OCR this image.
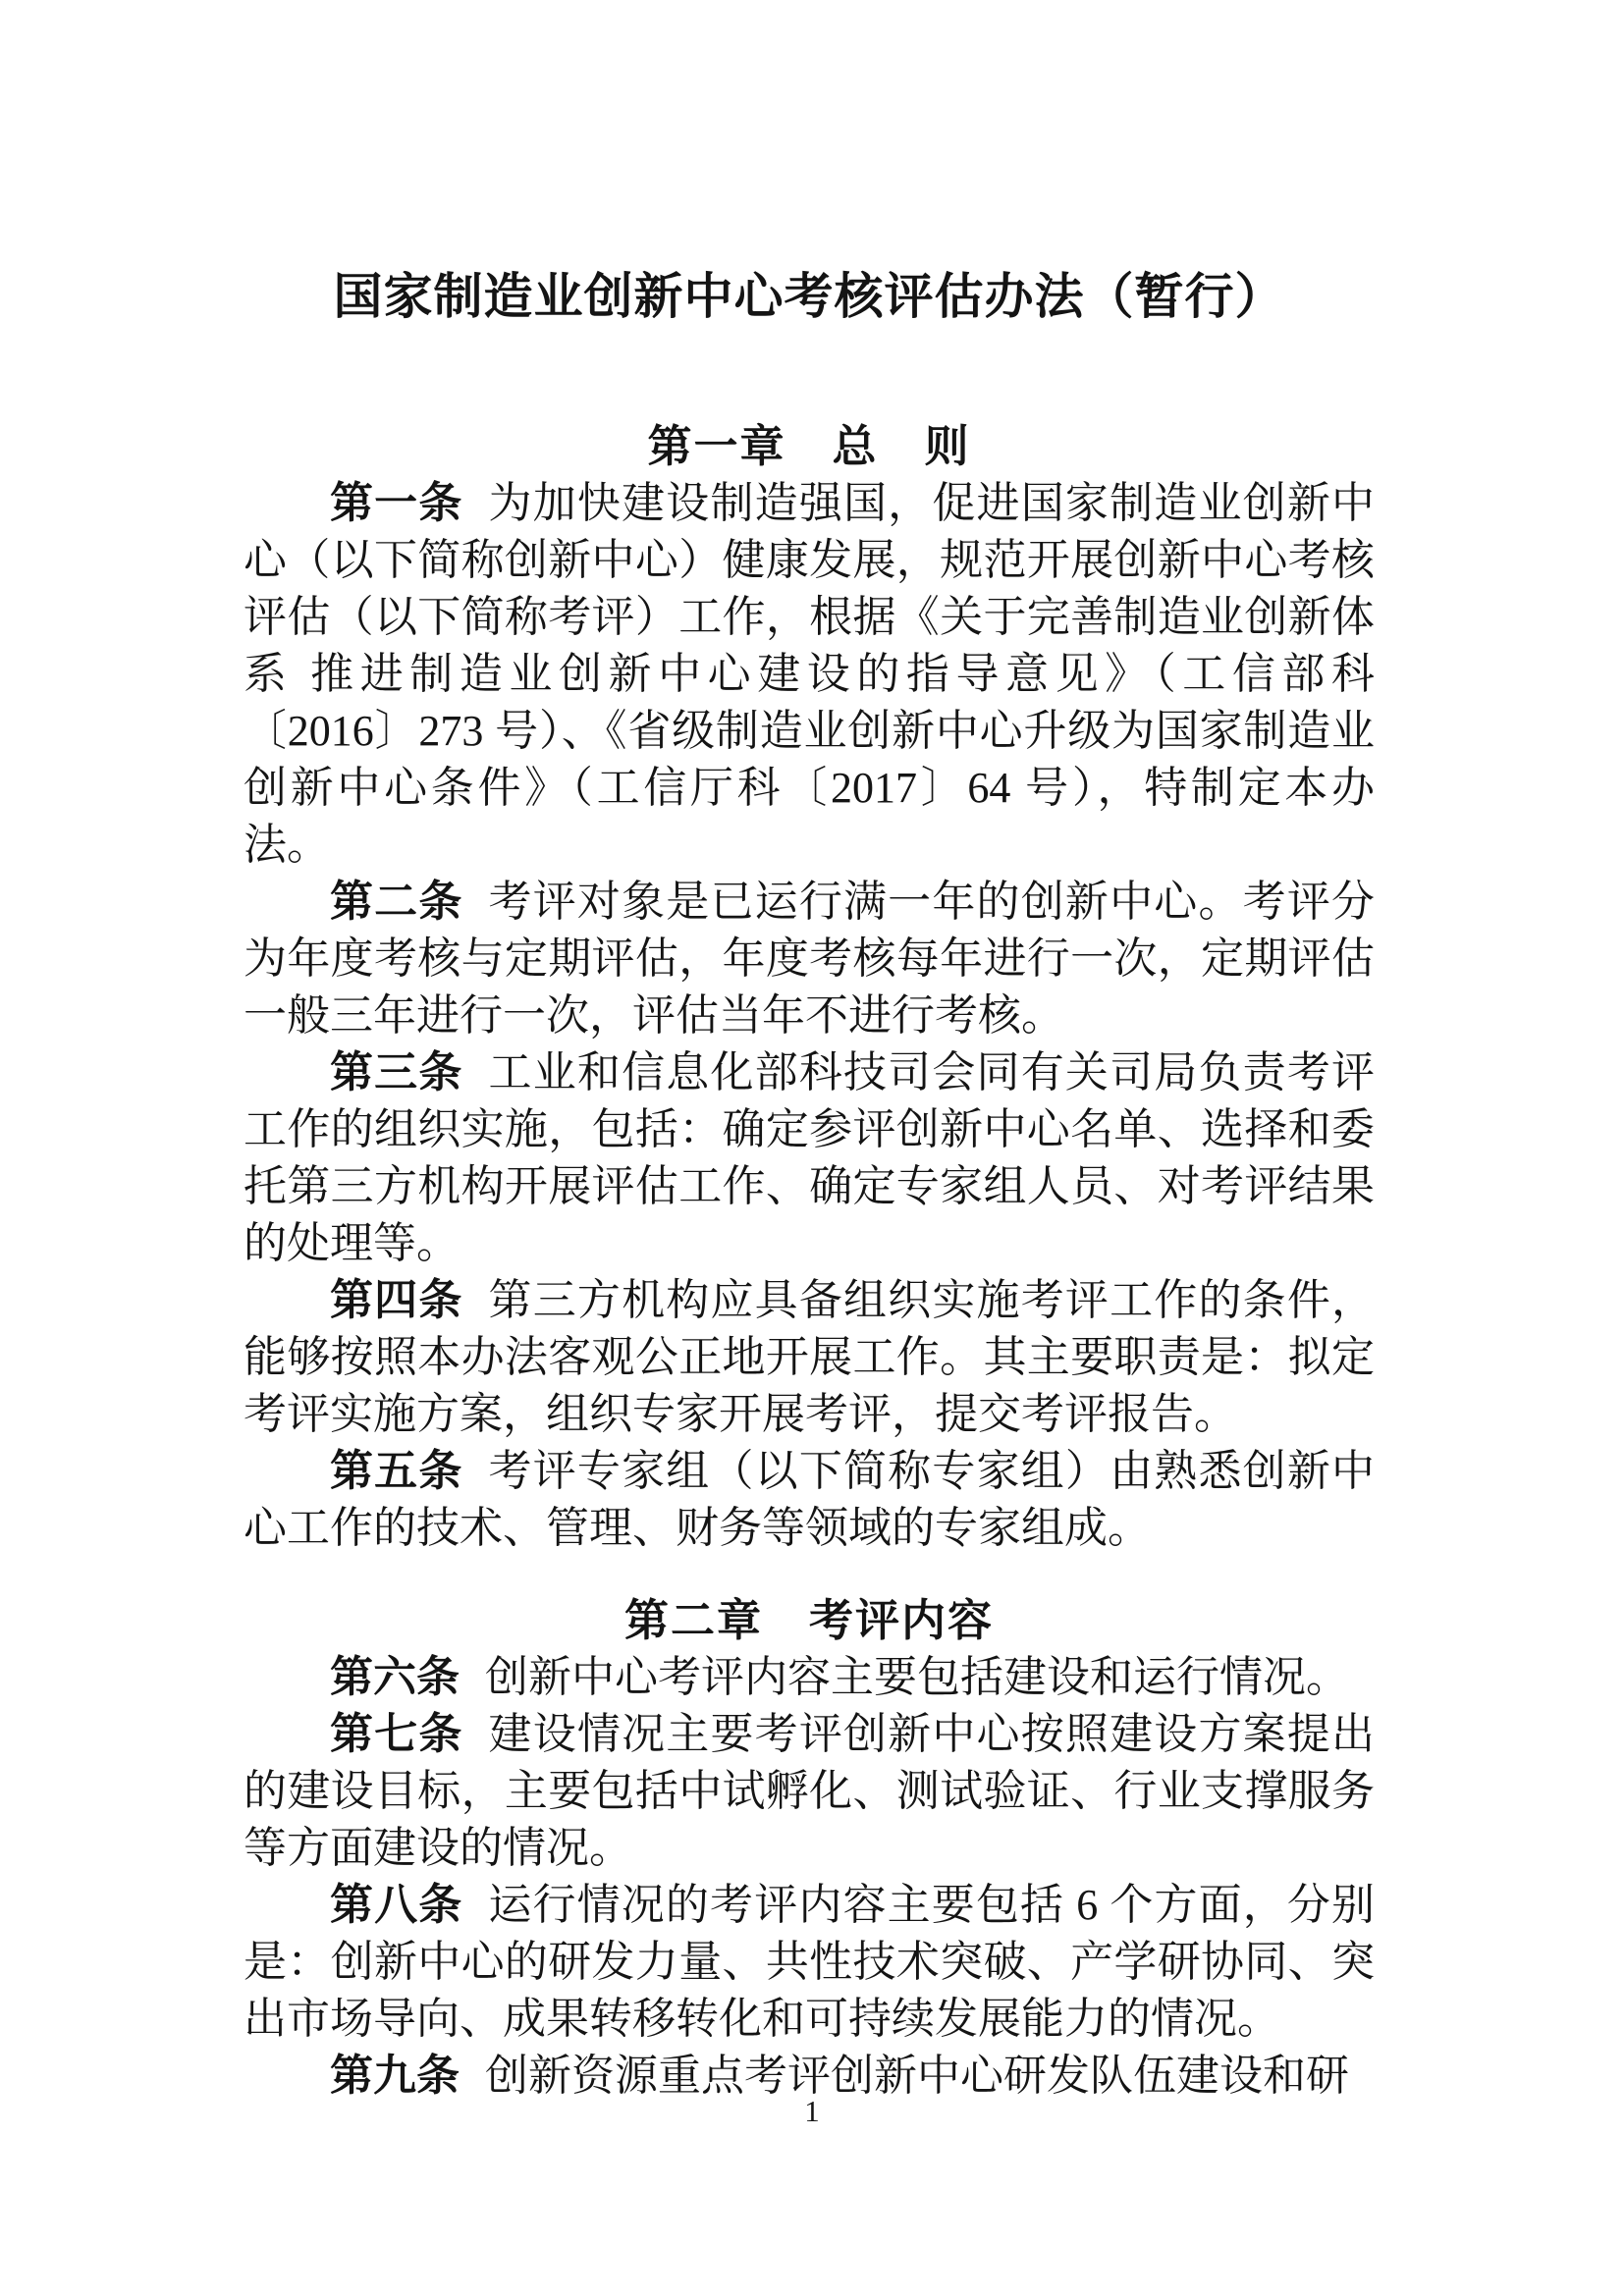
国家制造业创新中心考核评估办法（暂行）
第一章　总　则

第一条 为加快建设制造强国，促进国家制造业创新中心（以下简称创新中心）健康发展，规范开展创新中心考核评估（以下简称考评）工作，根据《关于完善制造业创新体系 推进制造业创新中心建设的指导意见》（工信部科〔2016〕273 号）、《省级制造业创新中心升级为国家制造业创新中心条件》（工信厅科〔2017〕64 号），特制定本办法。

第二条 考评对象是已运行满一年的创新中心。考评分为年度考核与定期评估，年度考核每年进行一次，定期评估一般三年进行一次，评估当年不进行考核。

第三条 工业和信息化部科技司会同有关司局负责考评工作的组织实施，包括：确定参评创新中心名单、选择和委托第三方机构开展评估工作、确定专家组人员、对考评结果的处理等。

第四条 第三方机构应具备组织实施考评工作的条件，能够按照本办法客观公正地开展工作。其主要职责是：拟定考评实施方案，组织专家开展考评，提交考评报告。

第五条 考评专家组（以下简称专家组）由熟悉创新中心工作的技术、管理、财务等领域的专家组成。

第二章　考评内容

第六条 创新中心考评内容主要包括建设和运行情况。

第七条 建设情况主要考评创新中心按照建设方案提出的建设目标，主要包括中试孵化、测试验证、行业支撑服务等方面建设的情况。

第八条 运行情况的考评内容主要包括 6 个方面，分别是：创新中心的研发力量、共性技术突破、产学研协同、突出市场导向、成果转移转化和可持续发展能力的情况。

第九条 创新资源重点考评创新中心研发队伍建设和研

1
